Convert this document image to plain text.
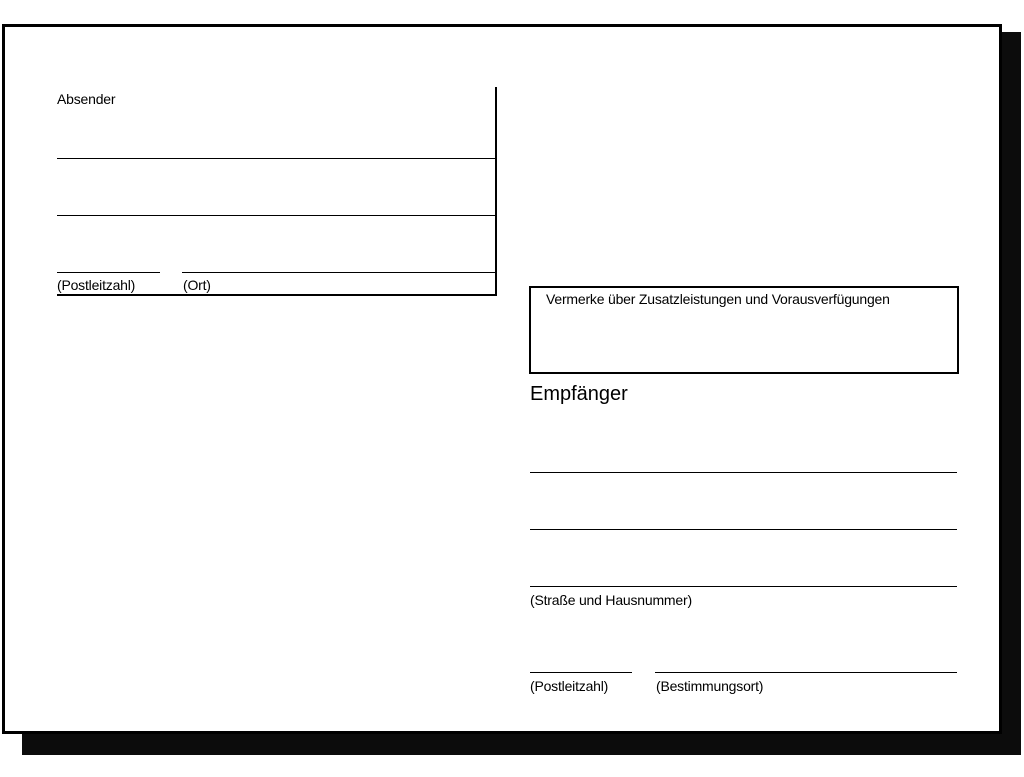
Absender
(Postleitzahl)	(Ort)
Vermerke über Zusatzleistungen und Vorausverfügungen
Empfänger
(Straße und Hausnummer)
(Postleitzahl)	(Bestimmungsort)
